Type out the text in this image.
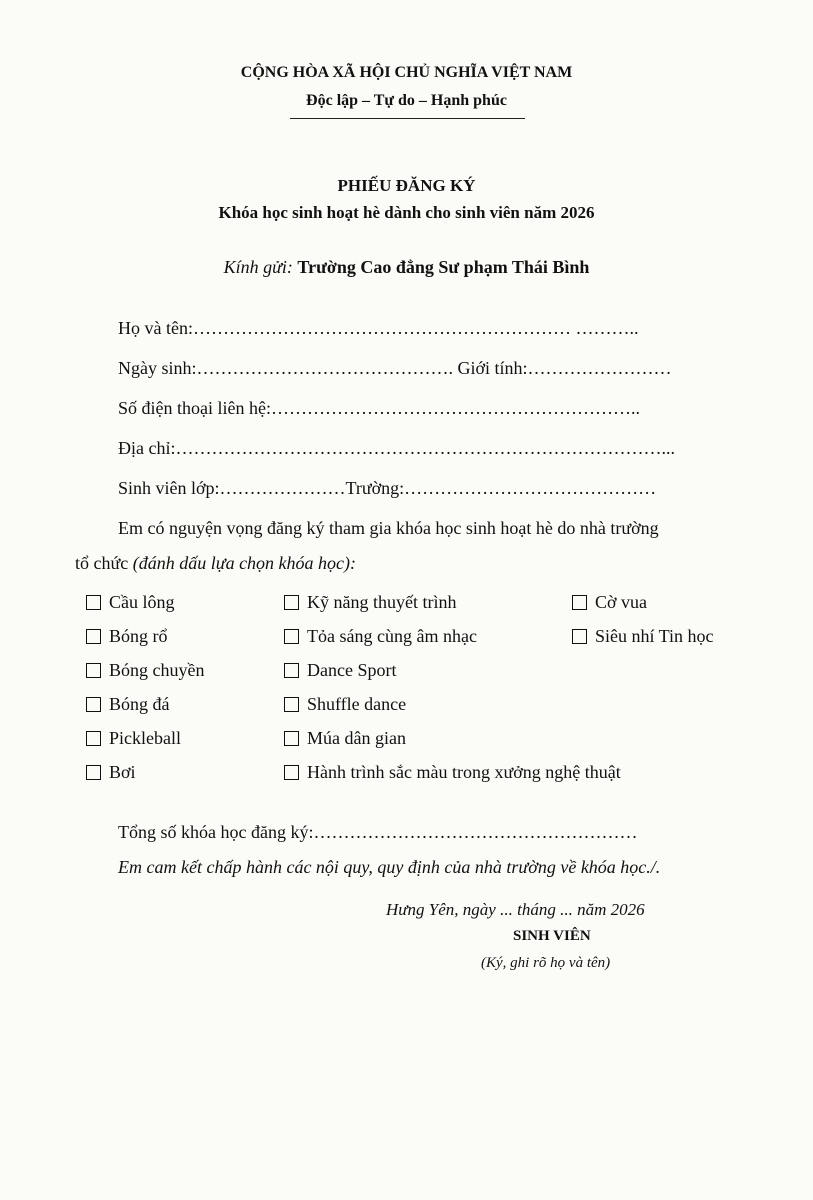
CỘNG HÒA XÃ HỘI CHỦ NGHĨA VIỆT NAM
Độc lập – Tự do – Hạnh phúc
PHIẾU ĐĂNG KÝ
Khóa học sinh hoạt hè dành cho sinh viên năm 2026
Kính gửi: Trường Cao đẳng Sư phạm Thái Bình
Họ và tên:……………………………………………………… ………..
Ngày sinh:……………………………………. Giới tính:……………………
Số điện thoại liên hệ:……………………………………………………..
Địa chỉ:………………………………………………………………………...
Sinh viên lớp:…………………Trường:……………………………………
Em có nguyện vọng đăng ký tham gia khóa học sinh hoạt hè do nhà trường
tổ chức (đánh dấu lựa chọn khóa học):
Cầu lông
Bóng rổ
Bóng chuyền
Bóng đá
Pickleball
Bơi
Kỹ năng thuyết trình
Tỏa sáng cùng âm nhạc
Dance Sport
Shuffle dance
Múa dân gian
Hành trình sắc màu trong xưởng nghệ thuật
Cờ vua
Siêu nhí Tin học
Tổng số khóa học đăng ký:………………………………………………
Em cam kết chấp hành các nội quy, quy định của nhà trường về khóa học./.
Hưng Yên, ngày ... tháng ... năm 2026
SINH VIÊN
(Ký, ghi rõ họ và tên)
